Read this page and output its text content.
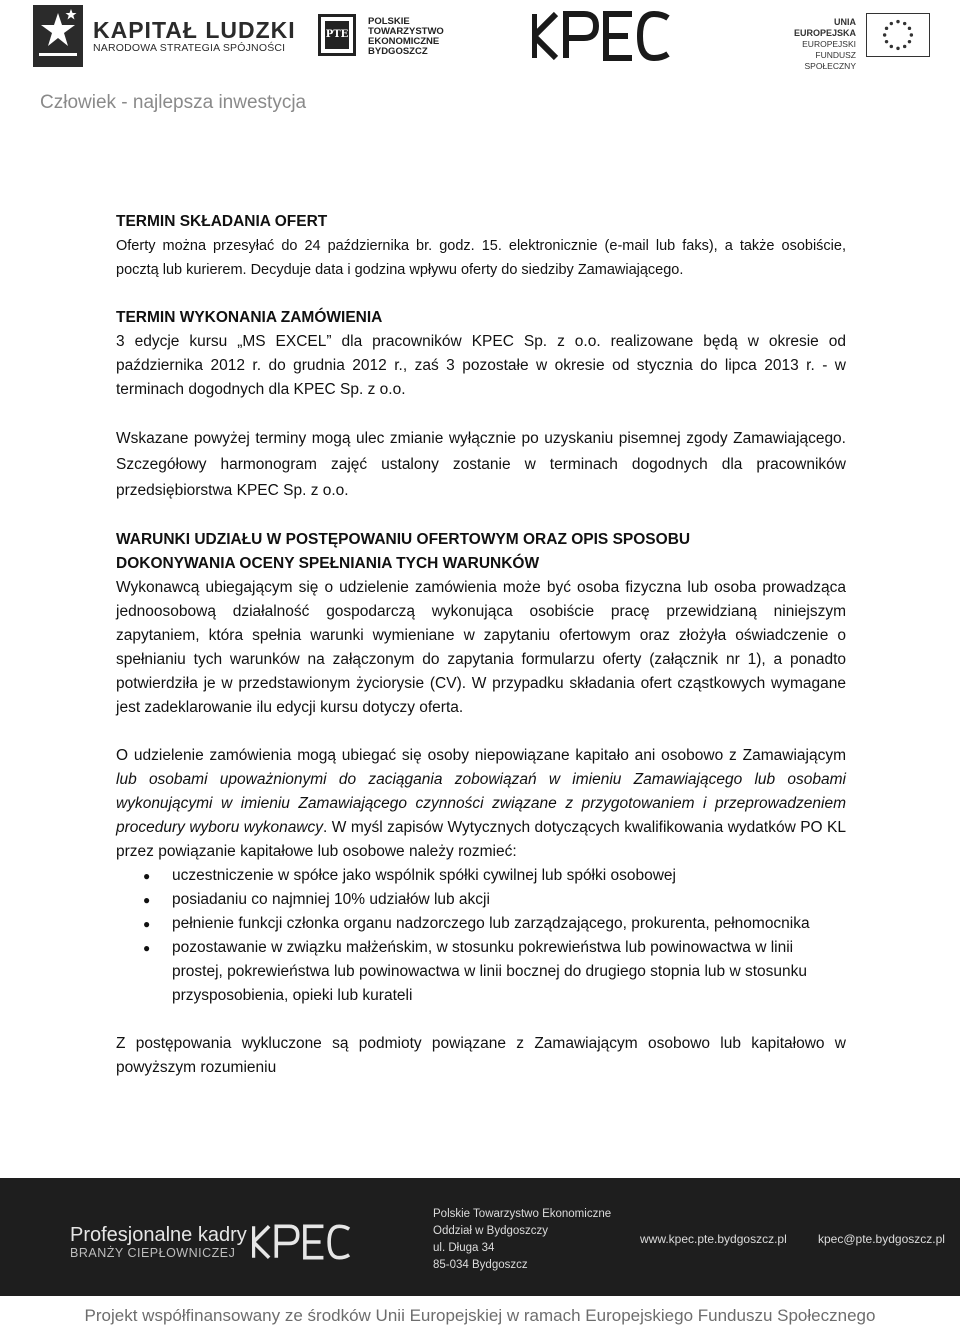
KAPITAŁ LUDZKI
NARODOWA STRATEGIA SPÓJNOŚCI
PTE
POLSKIE
TOWARZYSTWO
EKONOMICZNE
BYDGOSZCZ
UNIA EUROPEJSKA
EUROPEJSKI
FUNDUSZ SPOŁECZNY
Człowiek - najlepsza inwestycja

TERMIN SKŁADANIA OFERT

Oferty można przesyłać do 24 października br. godz. 15. elektronicznie (e-mail lub faks), a także osobiście, pocztą lub kurierem. Decyduje data i godzina wpływu oferty do siedziby Zamawiającego.

TERMIN WYKONANIA ZAMÓWIENIA

3 edycje kursu „MS EXCEL” dla pracowników KPEC Sp. z o.o. realizowane będą w okresie od października 2012 r. do grudnia 2012 r., zaś 3 pozostałe w okresie od stycznia do lipca 2013 r. - w terminach dogodnych dla KPEC Sp. z o.o.

Wskazane powyżej terminy mogą ulec zmianie wyłącznie po uzyskaniu pisemnej zgody Zamawiającego. Szczegółowy harmonogram zajęć ustalony zostanie w terminach dogodnych dla pracowników przedsiębiorstwa KPEC Sp. z o.o.

WARUNKI UDZIAŁU W POSTĘPOWANIU OFERTOWYM ORAZ OPIS SPOSOBU

DOKONYWANIA OCENY SPEŁNIANIA TYCH WARUNKÓW

Wykonawcą ubiegającym się o udzielenie zamówienia może być osoba fizyczna lub osoba prowadząca jednoosobową działalność gospodarczą wykonująca osobiście pracę przewidzianą niniejszym zapytaniem, która spełnia warunki wymieniane w zapytaniu ofertowym oraz złożyła oświadczenie o spełnianiu tych warunków na załączonym do zapytania formularzu oferty (załącznik nr 1), a ponadto potwierdziła je w przedstawionym życiorysie (CV). W przypadku składania ofert cząstkowych wymagane jest zadeklarowanie ilu edycji kursu dotyczy oferta.

O udzielenie zamówienia mogą ubiegać się osoby niepowiązane kapitało ani osobowo z Zamawiającym lub osobami upoważnionymi do zaciągania zobowiązań w imieniu Zamawiającego lub osobami wykonującymi w imieniu Zamawiającego czynności związane z przygotowaniem i przeprowadzeniem procedury wyboru wykonawcy. W myśl zapisów Wytycznych dotyczących kwalifikowania wydatków PO KL przez powiązanie kapitałowe lub osobowe należy rozmieć:

● uczestniczenie w spółce jako wspólnik spółki cywilnej lub spółki osobowej
● posiadaniu co najmniej 10% udziałów lub akcji
● pełnienie funkcji członka organu nadzorczego lub zarządzającego, prokurenta, pełnomocnika
● pozostawanie w związku małżeńskim, w stosunku pokrewieństwa lub powinowactwa w linii prostej, pokrewieństwa lub powinowactwa w linii bocznej do drugiego stopnia lub w stosunku przysposobienia, opieki lub kurateli

Z postępowania wykluczone są podmioty powiązane z Zamawiającym osobowo lub kapitałowo w powyższym rozumieniu

Profesjonalne kadry
BRANŻY CIEPŁOWNICZEJ
Polskie Towarzystwo Ekonomiczne
Oddział w Bydgoszczy
ul. Długa 34
85-034 Bydgoszcz
www.kpec.pte.bydgoszcz.pl	kpec@pte.bydgoszcz.pl
Projekt współfinansowany ze środków Unii Europejskiej w ramach Europejskiego Funduszu Społecznego
